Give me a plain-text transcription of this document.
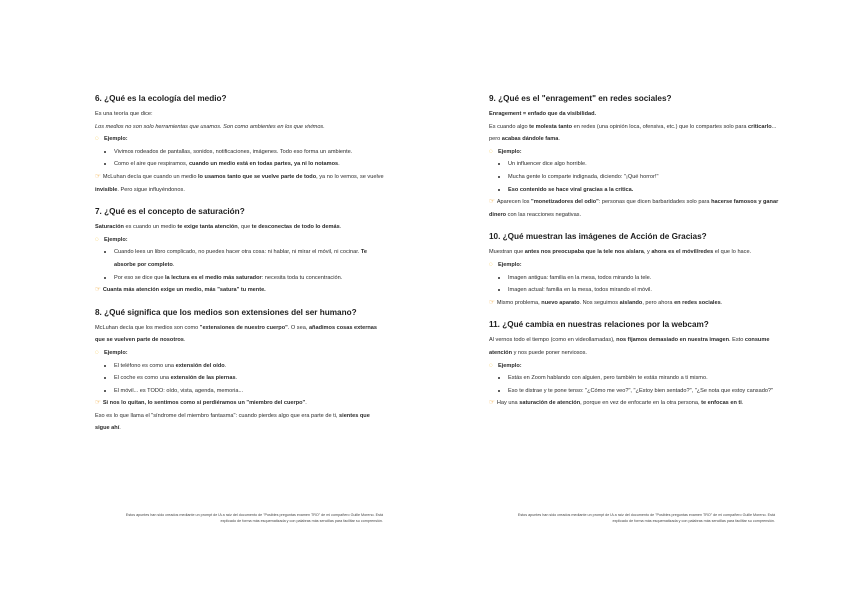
6. ¿Qué es la ecología del medio?

Es una teoría que dice:

Los medios no son solo herramientas que usamos. Son como ambientes en los que vivimos.

◌ Ejemplo:
• Vivimos rodeados de pantallas, sonidos, notificaciones, imágenes. Todo eso forma un ambiente.
• Como el aire que respiramos, cuando un medio está en todas partes, ya ni lo notamos.

☞ McLuhan decía que cuando un medio lo usamos tanto que se vuelve parte de todo, ya no lo vemos, se vuelve invisible. Pero sigue influyéndonos.

7. ¿Qué es el concepto de saturación?

Saturación es cuando un medio te exige tanta atención, que te desconectas de todo lo demás.

◌ Ejemplo:
• Cuando lees un libro complicado, no puedes hacer otra cosa: ni hablar, ni mirar el móvil, ni cocinar. Te absorbe por completo.
• Por eso se dice que la lectura es el medio más saturador: necesita toda tu concentración.

☞ Cuanta más atención exige un medio, más "satura" tu mente.

8. ¿Qué significa que los medios son extensiones del ser humano?

McLuhan decía que los medios son como "extensiones de nuestro cuerpo". O sea, añadimos cosas externas que se vuelven parte de nosotros.

◌ Ejemplo:
• El teléfono es como una extensión del oído.
• El coche es como una extensión de las piernas.
• El móvil... es TODO: oído, vista, agenda, memoria...

☞ Si nos lo quitan, lo sentimos como si perdiéramos un "miembro del cuerpo".

Eso es lo que llama el "síndrome del miembro fantasma": cuando pierdes algo que era parte de ti, sientes que sigue ahí.

Estos apuntes han sido creados mediante un prompt de IA a raíz del documento de "Posibles preguntas examen TRO" de mi compañero Guille Moreno. Está explicado de forma más esquematizada y con palabras más sencillas para facilitar su comprensión.
9. ¿Qué es el "enragement" en redes sociales?

Enragement = enfado que da visibilidad.

Es cuando algo te molesta tanto en redes (una opinión loca, ofensiva, etc.) que lo compartes solo para criticarlo... pero acabas dándole fama.

◌ Ejemplo:
• Un influencer dice algo horrible.
• Mucha gente lo comparte indignada, diciendo: "¡Qué horror!"
• Eso contenido se hace viral gracias a la crítica.

☞ Aparecen los "monetizadores del odio": personas que dicen barbaridades solo para hacerse famosos y ganar dinero con las reacciones negativas.

10. ¿Qué muestran las imágenes de Acción de Gracias?

Muestran que antes nos preocupaba que la tele nos aislara, y ahora es el móvil/redes el que lo hace.

◌ Ejemplo:
• Imagen antigua: familia en la mesa, todos mirando la tele.
• Imagen actual: familia en la mesa, todos mirando el móvil.

☞ Mismo problema, nuevo aparato. Nos seguimos aislando, pero ahora en redes sociales.

11. ¿Qué cambia en nuestras relaciones por la webcam?

Al vernos todo el tiempo (como en videollamadas), nos fijamos demasiado en nuestra imagen. Esto consume atención y nos puede poner nerviosos.

◌ Ejemplo:
• Estás en Zoom hablando con alguien, pero también te estás mirando a ti mismo.
• Eso te distrae y te pone tenso: "¿Cómo me veo?", "¿Estoy bien sentado?", "¿Se nota que estoy cansado?"

☞ Hay una saturación de atención, porque en vez de enfocarte en la otra persona, te enfocas en ti.

Estos apuntes han sido creados mediante un prompt de IA a raíz del documento de "Posibles preguntas examen TRO" de mi compañero Guille Moreno. Está explicado de forma más esquematizada y con palabras más sencillas para facilitar su comprensión.
